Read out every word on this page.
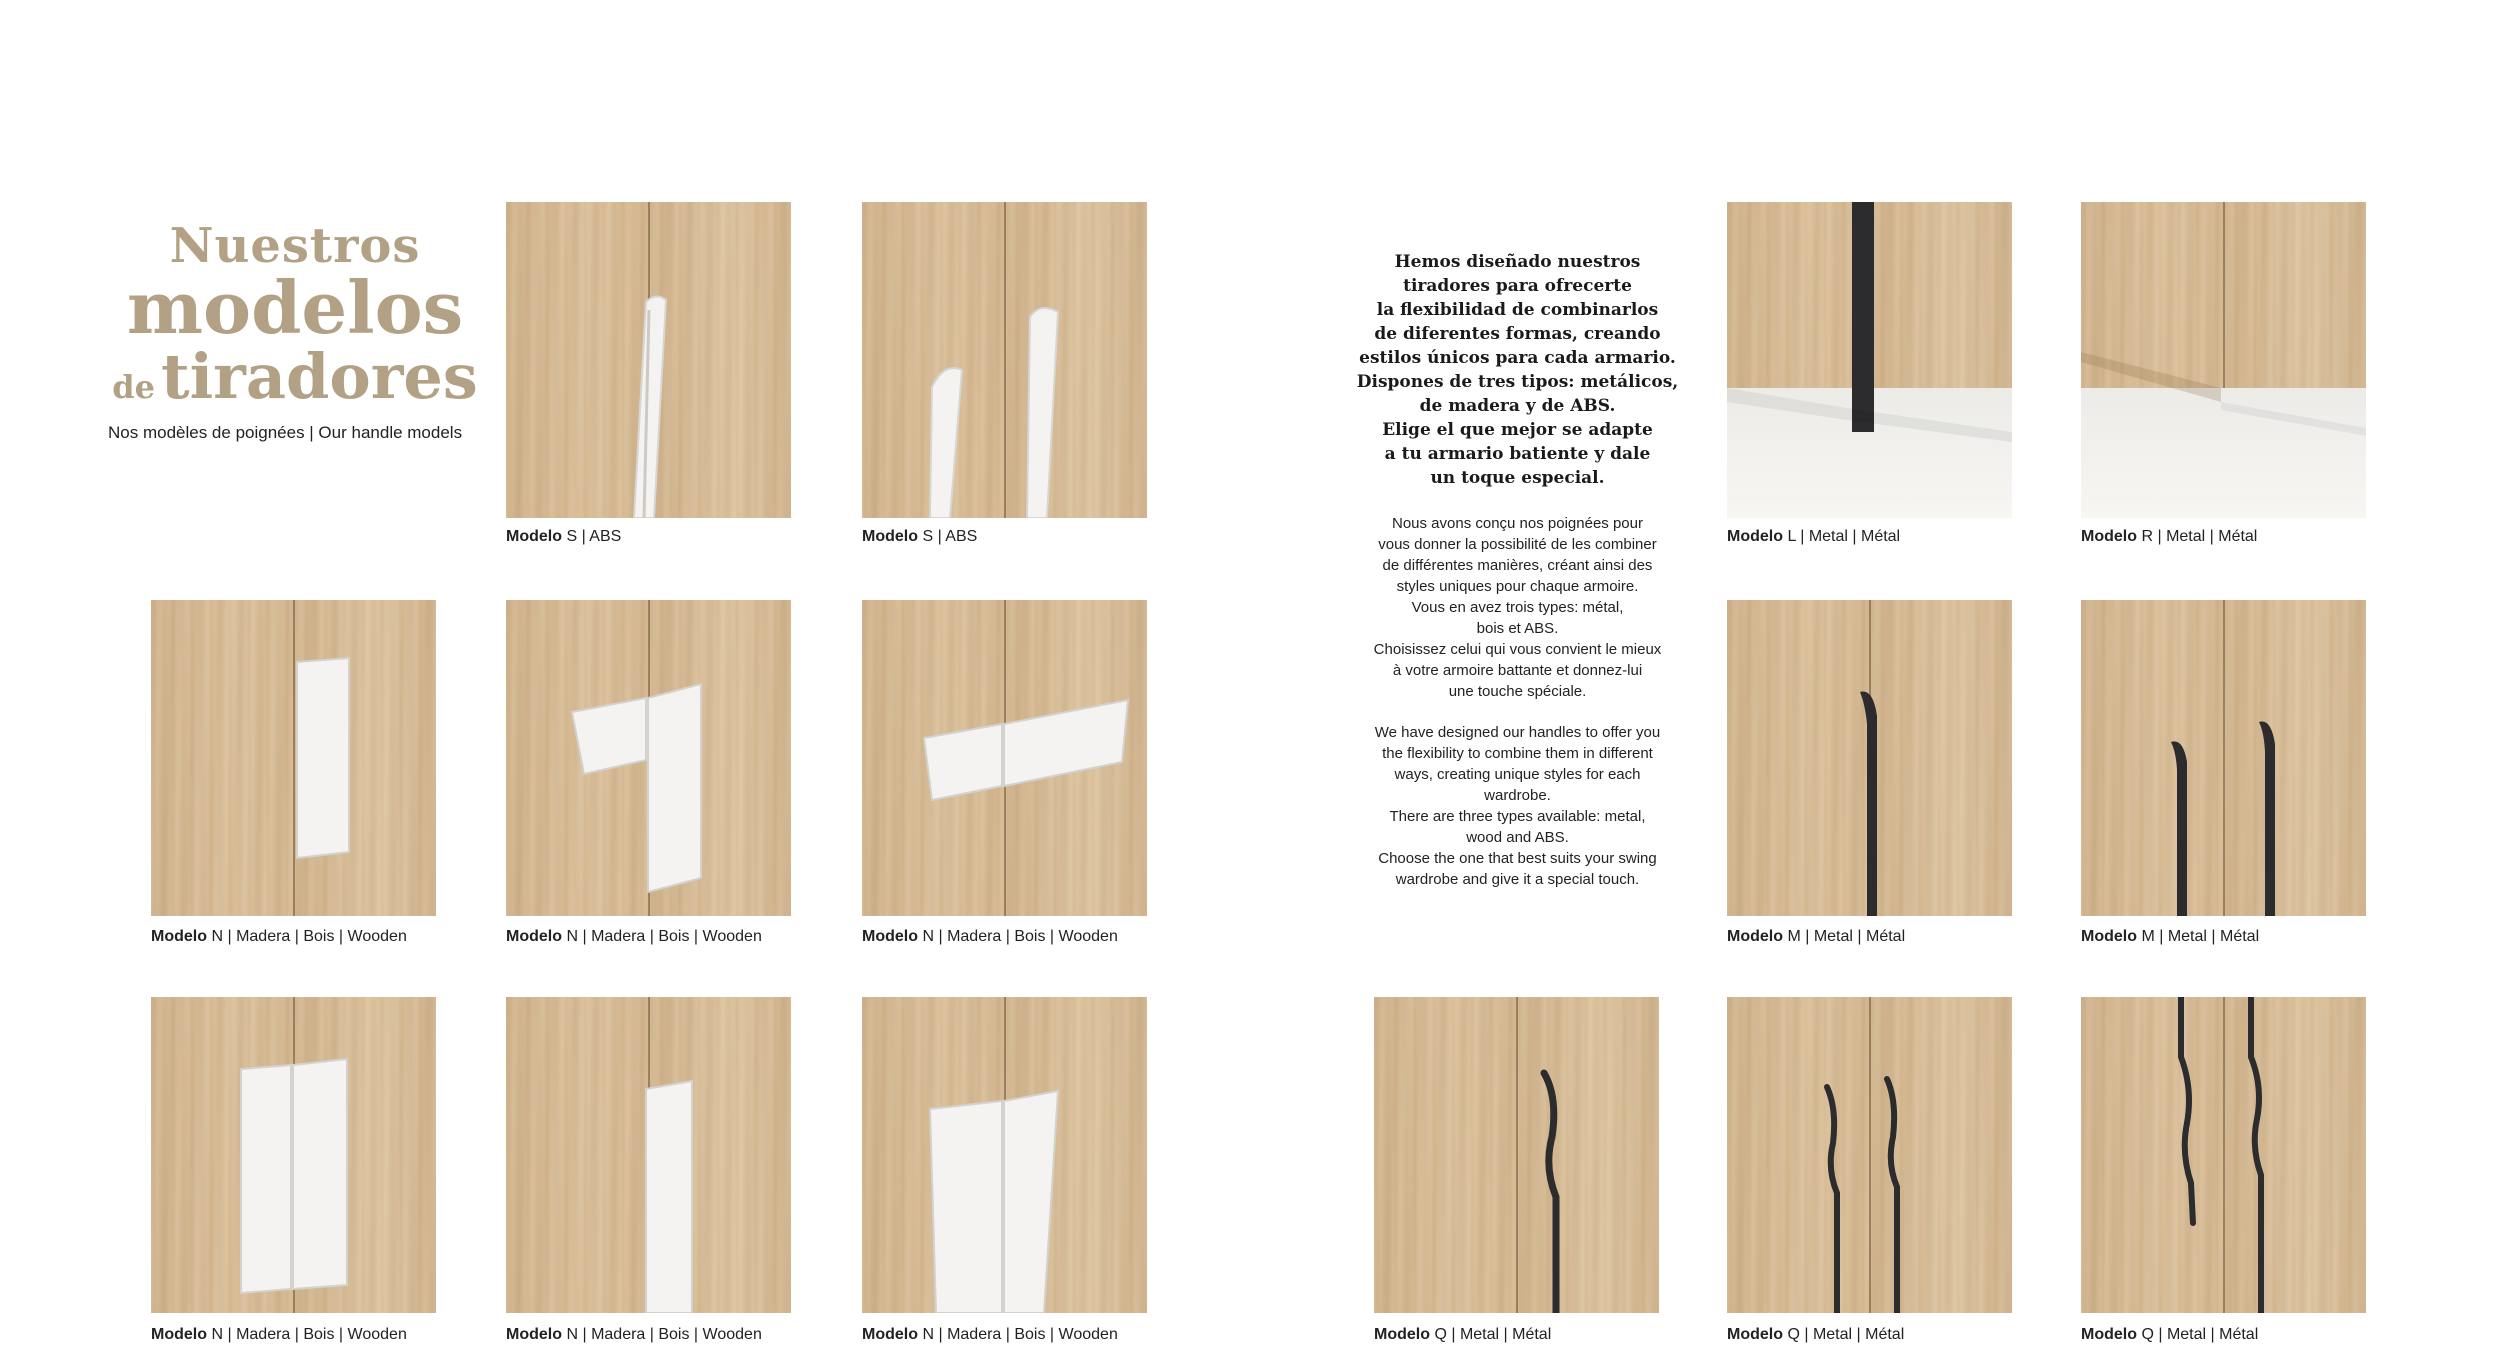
Nuestros
modelos
detiradores
Nos modèles de poignées | Our handle models
Hemos diseñado nuestros
tiradores para ofrecerte
la flexibilidad de combinarlos
de diferentes formas, creando
estilos únicos para cada armario.
Dispones de tres tipos: metálicos,
de madera y de ABS.
Elige el que mejor se adapte
a tu armario batiente y dale
un toque especial.
Nous avons conçu nos poignées pour
vous donner la possibilité de les combiner
de différentes manières, créant ainsi des
styles uniques pour chaque armoire.
Vous en avez trois types: métal,
bois et ABS.
Choisissez celui qui vous convient le mieux
à votre armoire battante et donnez-lui
une touche spéciale.
We have designed our handles to offer you
the flexibility to combine them in different
ways, creating unique styles for each
wardrobe.
There are three types available: metal,
wood and ABS.
Choose the one that best suits your swing
wardrobe and give it a special touch.
Modelo S | ABS	Modelo S | ABS	Modelo L | Metal | Métal	Modelo R | Metal | Métal
Modelo N | Madera | Bois | Wooden	Modelo N | Madera | Bois | Wooden	Modelo N | Madera | Bois | Wooden	Modelo M | Metal | Métal	Modelo M | Metal | Métal
Modelo N | Madera | Bois | Wooden	Modelo N | Madera | Bois | Wooden	Modelo N | Madera | Bois | Wooden	Modelo Q | Metal | Métal	Modelo Q | Metal | Métal	Modelo Q | Metal | Métal
